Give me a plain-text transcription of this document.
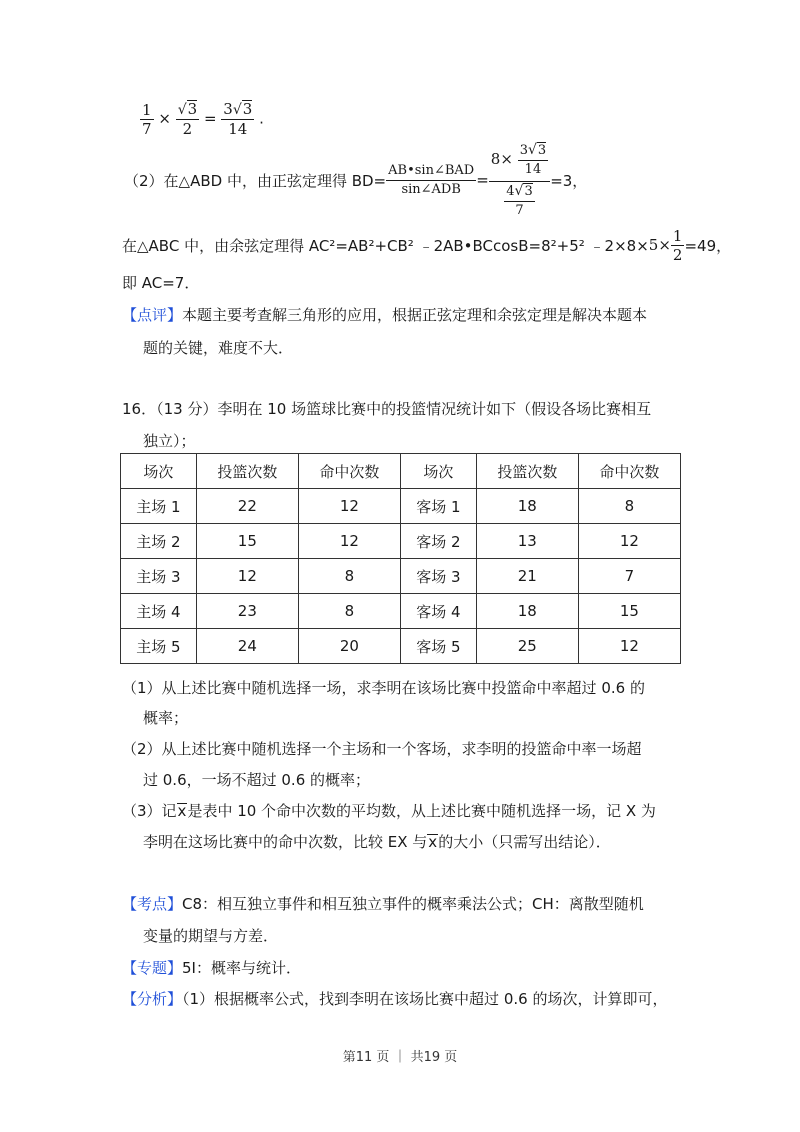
$\frac{1}{7} \times \frac{√3}{2} = \frac{3√3}{14}$ .
（2）在△ABD 中，由正弦定理得 $BD= \frac{\text{AB•sin∠BAD}}{\text{sin∠ADB}} = \frac{8\times \frac{3√3}{14}}{\frac{4√3}{7}} =3$，
在△ABC 中，由余弦定理得 AC²=AB²+CB² ﹣2AB•BCcosB=8²+5² ﹣2×8× $5\times \frac{1}{2} =49$，
即 AC=7．
【点评】本题主要考查解三角形的应用，根据正弦定理和余弦定理是解决本题本
题的关键，难度不大．
16．（13 分）李明在 10 场篮球比赛中的投篮情况统计如下（假设各场比赛相互
独立）；
场次	投篮次数	命中次数	场次	投篮次数	命中次数
主场 1	22	12	客场 1	18	8
主场 2	15	12	客场 2	13	12
主场 3	12	8	客场 3	21	7
主场 4	23	8	客场 4	18	15
主场 5	24	20	客场 5	25	12
（1）从上述比赛中随机选择一场，求李明在该场比赛中投篮命中率超过 0.6 的
概率；
（2）从上述比赛中随机选择一个主场和一个客场，求李明的投篮命中率一场超
过 0.6，一场不超过 0.6 的概率；
（3）记x是表中 10 个命中次数的平均数，从上述比赛中随机选择一场，记 X 为
李明在这场比赛中的命中次数，比较 EX 与x的大小（只需写出结论）．
【考点】C8：相互独立事件和相互独立事件的概率乘法公式；CH：离散型随机
变量的期望与方差．
【专题】5I：概率与统计．
【分析】（1）根据概率公式，找到李明在该场比赛中超过 0.6 的场次，计算即可，
第11 页 ｜ 共19 页
